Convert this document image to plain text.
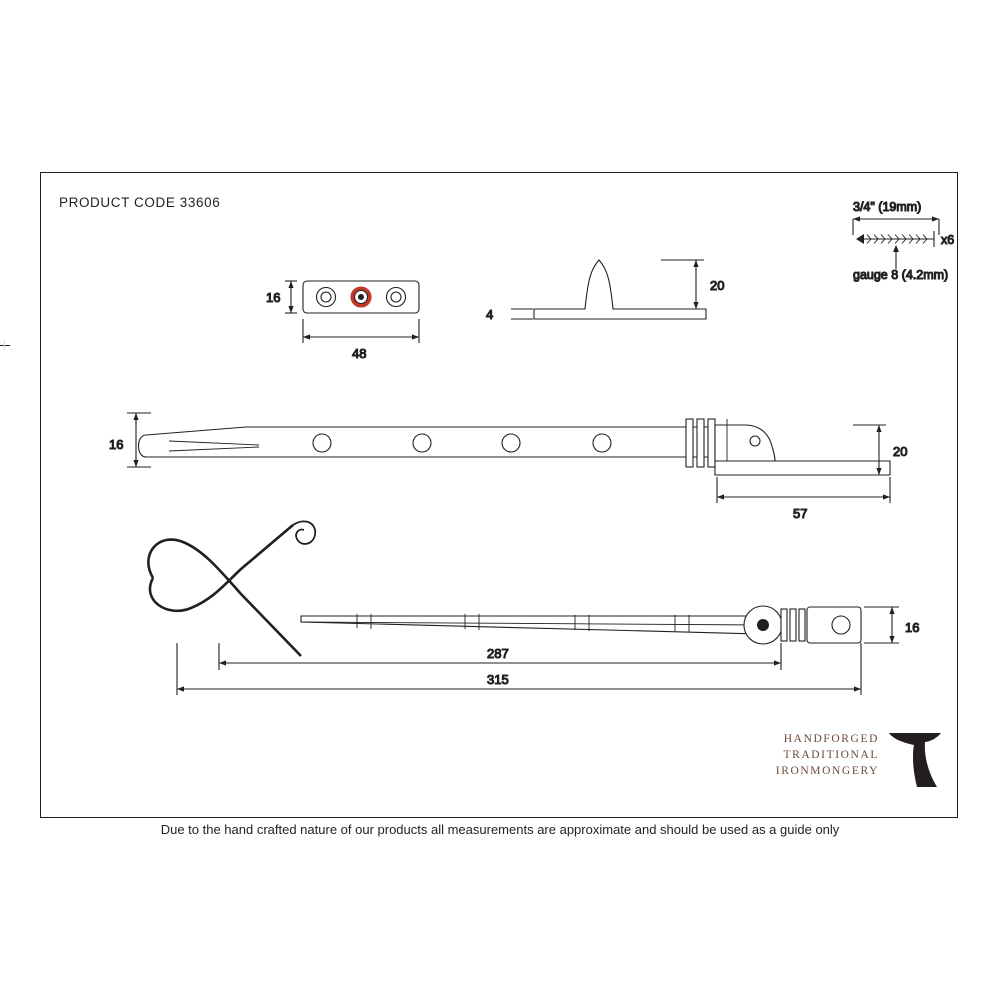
PRODUCT CODE 33606	3/4" (19mm)
x6
gauge 8 (4.2mm)
16
48
20
4
16	20
57
16
287
315
HANDFORGED
TRADITIONAL
IRONMONGERY
Due to the hand crafted nature of our products all measurements are approximate and should be used as a guide only
